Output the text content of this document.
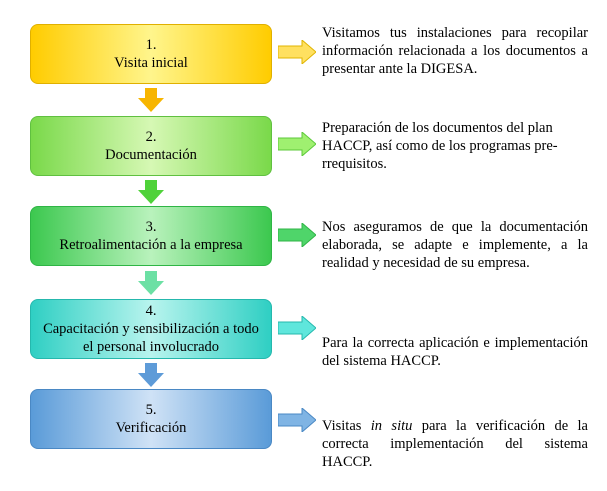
1.
Visita inicial
2.
Documentación
3.
Retroalimentación a la empresa
4.
Capacitación y sensibilización a todo el personal involucrado
5.
Verificación
Visitamos tus instalaciones para recopilar información relacionada a los documentos a presentar ante la DIGESA.
Preparación de los documentos del plan HACCP, así como de los programas pre-rrequisitos.
Nos aseguramos de que la documentación elaborada, se adapte e implemente, a la realidad y necesidad de su empresa.
Para la correcta aplicación e implementación del sistema HACCP.
Visitas in situ para la verificación de la correcta implementación del sistema HACCP.
